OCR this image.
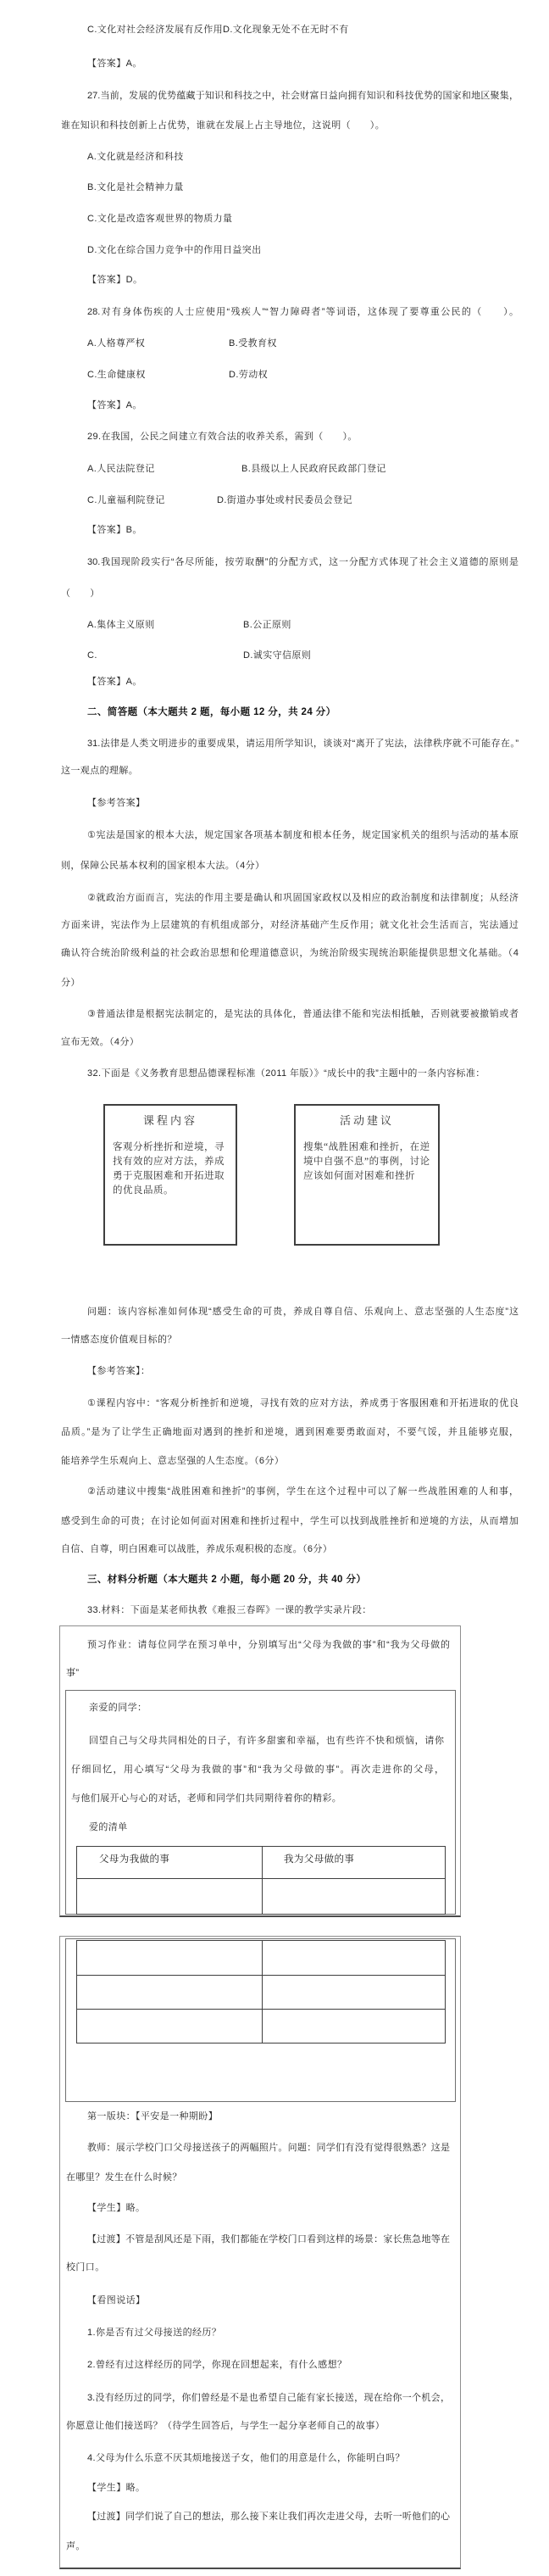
C.文化对社会经济发展有反作用D.文化现象无处不在无时不有
【答案】A。
27.当前，发展的优势蕴藏于知识和科技之中，社会财富日益向拥有知识和科技优势的国家和地区聚集，
谁在知识和科技创新上占优势，谁就在发展上占主导地位，这说明（　　）。
A.文化就是经济和科技
B.文化是社会精神力量
C.文化是改造客观世界的物质力量
D.文化在综合国力竞争中的作用日益突出
【答案】D。
28.对有身体伤疾的人士应使用“残疾人”“智力障碍者”等词语，这体现了要尊重公民的（　　）。
A.人格尊严权	B.受教育权
C.生命健康权	D.劳动权
【答案】A。
29.在我国，公民之间建立有效合法的收养关系，需到（　　）。
A.人民法院登记	B.县级以上人民政府民政部门登记
C.儿童福利院登记	D.街道办事处或村民委员会登记
【答案】B。
30.我国现阶段实行“各尽所能，按劳取酬”的分配方式，这一分配方式体现了社会主义道德的原则是
（　　）
A.集体主义原则	B.公正原则
C.	D.诚实守信原则
【答案】A。
二、简答题（本大题共 2 题，每小题 12 分，共 24 分）
31.法律是人类文明进步的重要成果，请运用所学知识，谈谈对“离开了宪法，法律秩序就不可能存在。”
这一观点的理解。
【参考答案】
①宪法是国家的根本大法，规定国家各项基本制度和根本任务，规定国家机关的组织与活动的基本原
则，保障公民基本权利的国家根本大法。（4分）
②就政治方面而言，宪法的作用主要是确认和巩固国家政权以及相应的政治制度和法律制度；从经济
方面来讲，宪法作为上层建筑的有机组成部分，对经济基础产生反作用；就文化社会生活而言，宪法通过
确认符合统治阶级利益的社会政治思想和伦理道德意识，为统治阶级实现统治职能提供思想文化基础。（4
分）
③普通法律是根据宪法制定的，是宪法的具体化，普通法律不能和宪法相抵触，否则就要被撤销或者
宣布无效。（4分）
32.下面是《义务教育思想品德课程标准（2011 年版）》“成长中的我”主题中的一条内容标准：
课程内容
客观分析挫折和逆境，寻找有效的应对方法，养成勇于克服困难和开拓进取的优良品质。
活动建议
搜集“战胜困难和挫折，在逆境中自强不息”的事例，讨论应该如何面对困难和挫折
问题：该内容标准如何体现“感受生命的可贵，养成自尊自信、乐观向上、意志坚强的人生态度”这
一情感态度价值观目标的？
【参考答案】：
①课程内容中：“客观分析挫折和逆境，寻找有效的应对方法，养成勇于客服困难和开拓进取的优良
品质。”是为了让学生正确地面对遇到的挫折和逆境，遇到困难要勇敢面对，不要气馁，并且能够克服，
能培养学生乐观向上、意志坚强的人生态度。（6分）
②活动建议中搜集“战胜困难和挫折”的事例，学生在这个过程中可以了解一些战胜困难的人和事，
感受到生命的可贵；在讨论如何面对困难和挫折过程中，学生可以找到战胜挫折和逆境的方法，从而增加
自信、自尊，明白困难可以战胜，养成乐观积极的态度。（6分）
三、材料分析题（本大题共 2 小题，每小题 20 分，共 40 分）
33.材料：下面是某老师执教《难报三春晖》一课的教学实录片段：
预习作业：请每位同学在预习单中，分别填写出“父母为我做的事”和“我为父母做的
事”
亲爱的同学：
回望自己与父母共同相处的日子，有许多甜蜜和幸福，也有些许不快和烦恼，请你
仔细回忆，用心填写“父母为我做的事”和“我为父母做的事”。再次走进你的父母，
与他们展开心与心的对话，老师和同学们共同期待着你的精彩。
爱的清单
父母为我做的事	我为父母做的事
第一版块：【平安是一种期盼】
教师：展示学校门口父母接送孩子的两幅照片。问题：同学们有没有觉得很熟悉？这是
在哪里？发生在什么时候？
【学生】略。
【过渡】不管是刮风还是下雨，我们都能在学校门口看到这样的场景：家长焦急地等在
校门口。
【看图说话】
1.你是否有过父母接送的经历？
2.曾经有过这样经历的同学，你现在回想起来，有什么感想？
3.没有经历过的同学，你们曾经是不是也希望自己能有家长接送，现在给你一个机会，
你愿意让他们接送吗？（待学生回答后，与学生一起分享老师自己的故事）
4.父母为什么乐意不厌其烦地接送子女，他们的用意是什么，你能明白吗？
【学生】略。
【过渡】同学们说了自己的想法，那么接下来让我们再次走进父母，去听一听他们的心
声。
